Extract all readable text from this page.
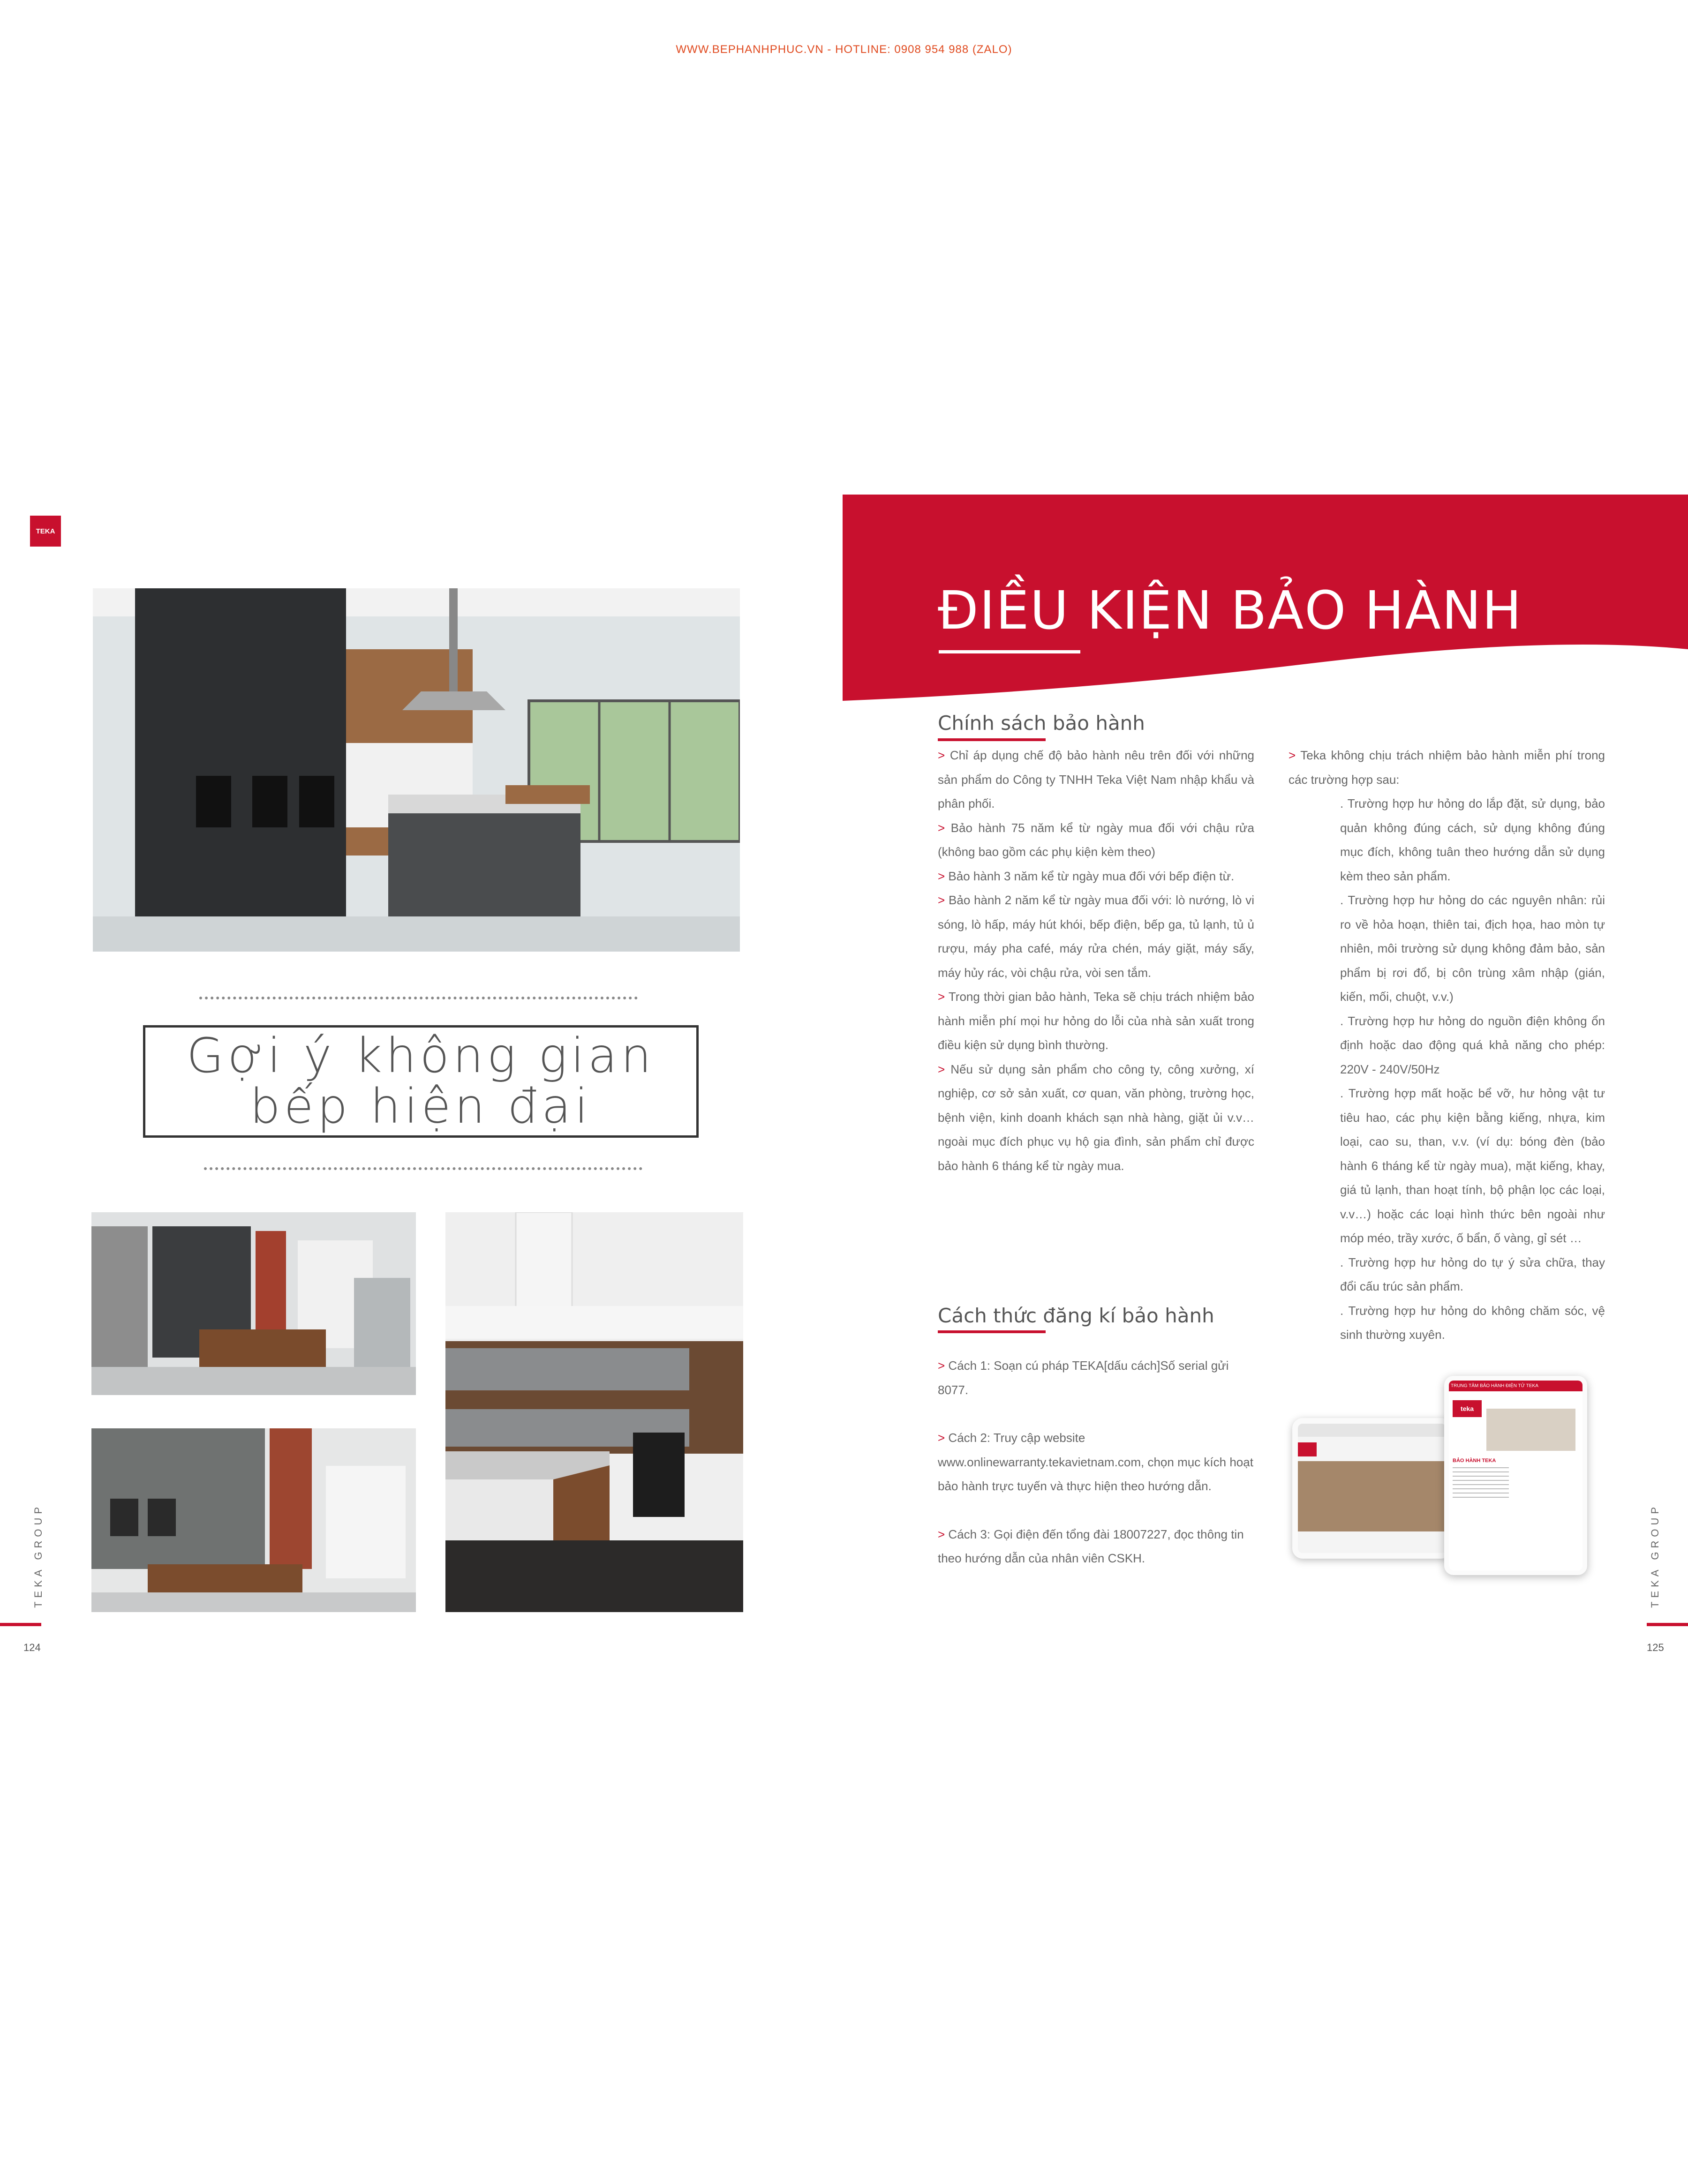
WWW.BEPHANHPHUC.VN - HOTLINE: 0908 954 988 (ZALO)
TEKA
Gợi ý không gian bếp hiện đại
TEKA GROUP
124
ĐIỀU KIỆN BẢO HÀNH
Chính sách bảo hành

> Chỉ áp dụng chế độ bảo hành nêu trên đối với những sản phẩm do Công ty TNHH Teka Việt Nam nhập khẩu và phân phối.

> Bảo hành 75 năm kể từ ngày mua đối với chậu rửa (không bao gồm các phụ kiện kèm theo)

> Bảo hành 3 năm kể từ ngày mua đối với bếp điện từ.

> Bảo hành 2 năm kể từ ngày mua đối với: lò nướng, lò vi sóng, lò hấp, máy hút khói, bếp điện, bếp ga, tủ lạnh, tủ ủ rượu, máy pha café, máy rửa chén, máy giặt, máy sấy, máy hủy rác, vòi chậu rửa, vòi sen tắm.

> Trong thời gian bảo hành, Teka sẽ chịu trách nhiệm bảo hành miễn phí mọi hư hỏng do lỗi của nhà sản xuất trong điều kiện sử dụng bình thường.

> Nếu sử dụng sản phẩm cho công ty, công xưởng, xí nghiệp, cơ sở sản xuất, cơ quan, văn phòng, trường học, bệnh viện, kinh doanh khách sạn nhà hàng, giặt ủi v.v… ngoài mục đích phục vụ hộ gia đình, sản phẩm chỉ được bảo hành 6 tháng kể từ ngày mua.

> Teka không chịu trách nhiệm bảo hành miễn phí trong các trường hợp sau:

. Trường hợp hư hỏng do lắp đặt, sử dụng, bảo quản không đúng cách, sử dụng không đúng mục đích, không tuân theo hướng dẫn sử dụng kèm theo sản phẩm.

. Trường hợp hư hỏng do các nguyên nhân: rủi ro về hỏa hoạn, thiên tai, địch họa, hao mòn tự nhiên, môi trường sử dụng không đảm bảo, sản phẩm bị rơi đổ, bị côn trùng xâm nhập (gián, kiến, mối, chuột, v.v.)

. Trường hợp hư hỏng do nguồn điện không ổn định hoặc dao động quá khả năng cho phép: 220V - 240V/50Hz

. Trường hợp mất hoặc bể vỡ, hư hỏng vật tư tiêu hao, các phụ kiện bằng kiếng, nhựa, kim loại, cao su, than, v.v. (ví dụ: bóng đèn (bảo hành 6 tháng kể từ ngày mua), mặt kiếng, khay, giá tủ lạnh, than hoạt tính, bộ phận lọc các loại, v.v…) hoặc các loại hình thức bên ngoài như móp méo, trầy xước, ố bẩn, ố vàng, gỉ sét …

. Trường hợp hư hỏng do tự ý sửa chữa, thay đổi cấu trúc sản phẩm.

. Trường hợp hư hỏng do không chăm sóc, vệ sinh thường xuyên.

Cách thức đăng kí bảo hành

> Cách 1: Soạn cú pháp TEKA[dấu cách]Số serial gửi 8077.

> Cách 2: Truy cập website www.onlinewarranty.tekavietnam.com, chọn mục kích hoạt bảo hành trực tuyến và thực hiện theo hướng dẫn.

> Cách 3: Gọi điện đến tổng đài 18007227, đọc thông tin theo hướng dẫn của nhân viên CSKH.

TRUNG TÂM BẢO HÀNH ĐIỆN TỬ TEKA
teka
BẢO HÀNH TEKA
TEKA GROUP
125
